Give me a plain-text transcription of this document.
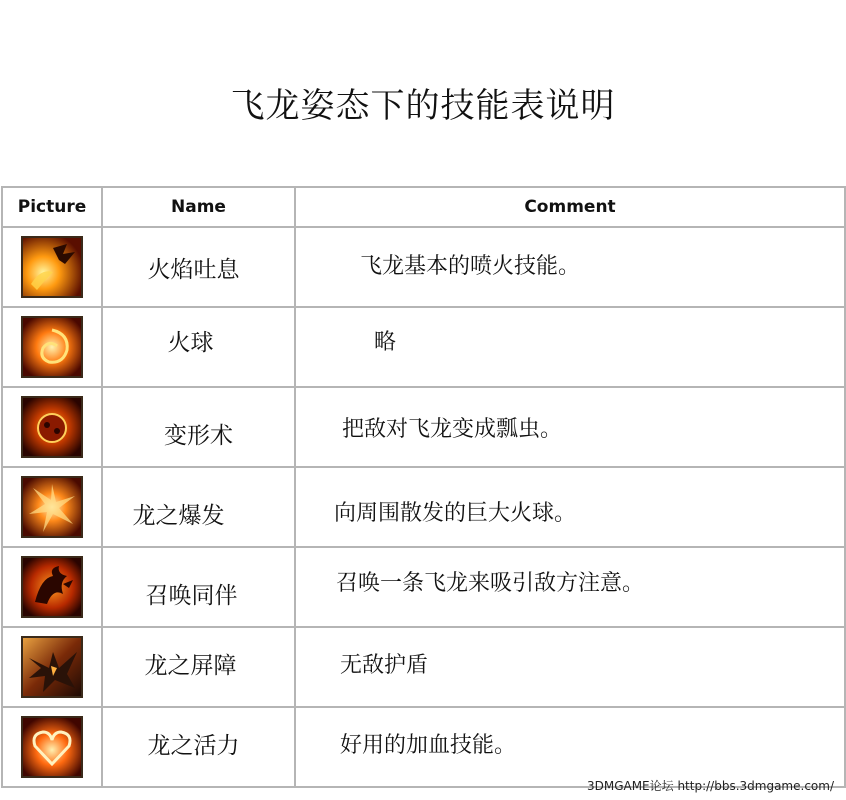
飞龙姿态下的技能表说明
Picture	Name	Comment

火焰吐息	飞龙基本的喷火技能。

火球	略

变形术	把敌对飞龙变成瓢虫。

龙之爆发	向周围散发的巨大火球。

召唤同伴	召唤一条飞龙来吸引敌方注意。

龙之屏障	无敌护盾

龙之活力	好用的加血技能。
3DMGAME论坛 http://bbs.3dmgame.com/
